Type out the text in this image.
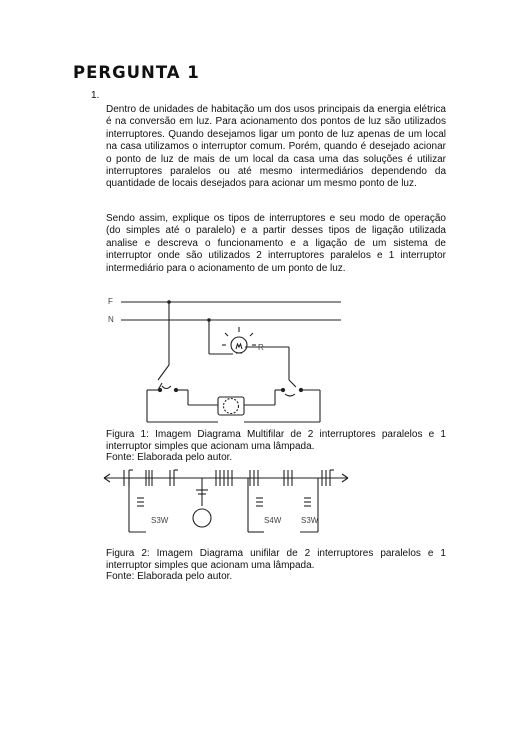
PERGUNTA 1
1.

Dentro de unidades de habitação um dos usos principais da energia elétrica é na conversão em luz. Para acionamento dos pontos de luz são utilizados interruptores. Quando desejamos ligar um ponto de luz apenas de um local na casa utilizamos o interruptor comum. Porém, quando é desejado acionar o ponto de luz de mais de um local da casa uma das soluções é utilizar interruptores paralelos ou até mesmo intermediários dependendo da quantidade de locais desejados para acionar um mesmo ponto de luz.

Sendo assim, explique os tipos de interruptores e seu modo de operação (do simples até o paralelo) e a partir desses tipos de ligação utilizada analise e descreva o funcionamento e a ligação de um sistema de interruptor onde são utilizados 2 interruptores paralelos e 1 interruptor intermediário para o acionamento de um ponto de luz.

F
N
R
S3W	S4W S3W
Figura 1: Imagem Diagrama Multifilar de 2 interruptores paralelos e 1 interruptor simples que acionam uma lâmpada.
Fonte: Elaborada pelo autor.
Figura 2: Imagem Diagrama unifilar de 2 interruptores paralelos e 1 interruptor simples que acionam uma lâmpada.
Fonte: Elaborada pelo autor.
